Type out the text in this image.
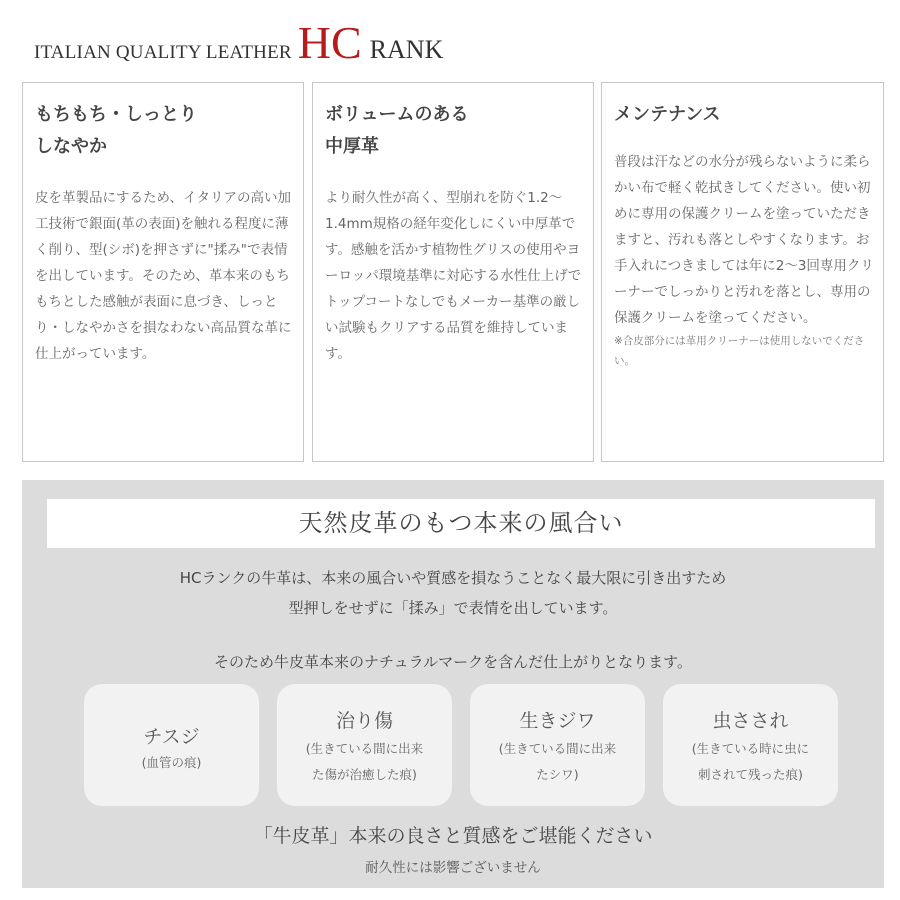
ITALIAN QUALITY LEATHER HC RANK
もちもち・しっとり
しなやか
皮を革製品にするため、イタリアの高い加工技術で銀面(革の表面)を触れる程度に薄く削り、型(シボ)を押さずに"揉み"で表情を出しています。そのため、革本来のもちもちとした感触が表面に息づき、しっとり・しなやかさを損なわない高品質な革に仕上がっています。
ボリュームのある
中厚革
より耐久性が高く、型崩れを防ぐ1.2〜1.4mm規格の経年変化しにくい中厚革です。感触を活かす植物性グリスの使用やヨーロッパ環境基準に対応する水性仕上げでトップコートなしでもメーカー基準の厳しい試験もクリアする品質を維持しています。
メンテナンス
普段は汗などの水分が残らないように柔らかい布で軽く乾拭きしてください。使い初めに専用の保護クリームを塗っていただきますと、汚れも落としやすくなります。お手入れにつきましては年に2〜3回専用クリーナーでしっかりと汚れを落とし、専用の保護クリームを塗ってください。
※合皮部分には革用クリーナーは使用しないでください。
天然皮革のもつ本来の風合い
HCランクの牛革は、本来の風合いや質感を損なうことなく最大限に引き出すため
型押しをせずに「揉み」で表情を出しています。
そのため牛皮革本来のナチュラルマークを含んだ仕上がりとなります。
チスジ
(血管の痕)
治り傷
(生きている間に出来
た傷が治癒した痕)
生きジワ
(生きている間に出来
たシワ)
虫さされ
(生きている時に虫に
刺されて残った痕)
「牛皮革」本来の良さと質感をご堪能ください
耐久性には影響ございません
